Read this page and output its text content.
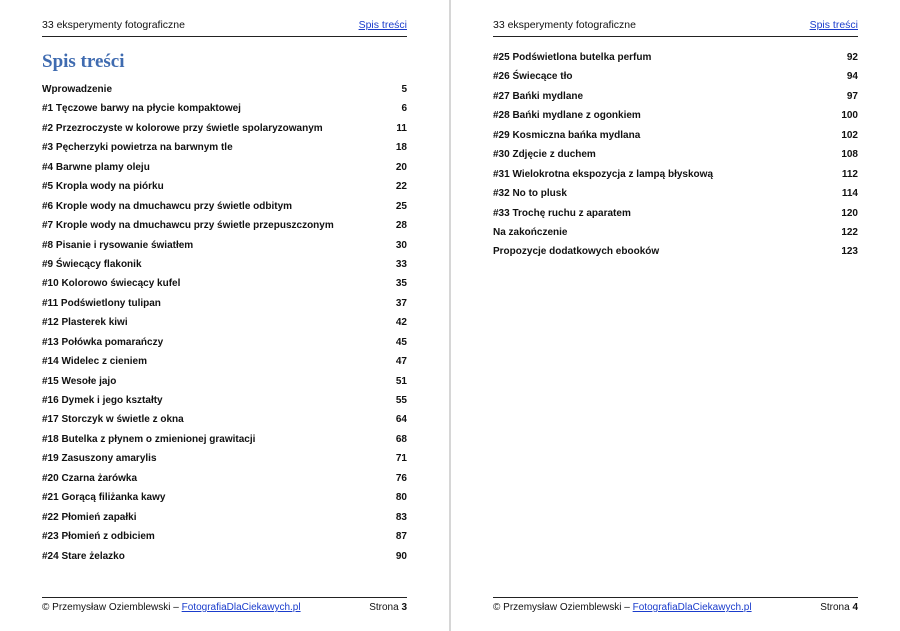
33 eksperymenty fotograficzne	Spis treści
Spis treści
Wprowadzenie	5
#1 Tęczowe barwy na płycie kompaktowej	6
#2 Przezroczyste w kolorowe przy świetle spolaryzowanym	11
#3 Pęcherzyki powietrza na barwnym tle	18
#4 Barwne plamy oleju	20
#5 Kropla wody na piórku	22
#6 Krople wody na dmuchawcu przy świetle odbitym	25
#7 Krople wody na dmuchawcu przy świetle przepuszczonym	28
#8 Pisanie i rysowanie światłem	30
#9 Świecący flakonik	33
#10 Kolorowo świecący kufel	35
#11 Podświetlony tulipan	37
#12 Plasterek kiwi	42
#13 Połówka pomarańczy	45
#14 Widelec z cieniem	47
#15 Wesołe jajo	51
#16 Dymek i jego kształty	55
#17 Storczyk w świetle z okna	64
#18 Butelka z płynem o zmienionej grawitacji	68
#19 Zasuszony amarylis	71
#20 Czarna żarówka	76
#21 Gorącą filiżanka kawy	80
#22 Płomień zapałki	83
#23 Płomień z odbiciem	87
#24 Stare żelazko	90
© Przemysław Oziemblewski – FotografiaDlaCiekawych.pl	Strona 3
33 eksperymenty fotograficzne	Spis treści
#25 Podświetlona butelka perfum	92
#26 Świecące tło	94
#27 Bańki mydlane	97
#28 Bańki mydlane z ogonkiem	100
#29 Kosmiczna bańka mydlana	102
#30 Zdjęcie z duchem	108
#31 Wielokrotna ekspozycja z lampą błyskową	112
#32 No to plusk	114
#33 Trochę ruchu z aparatem	120
Na zakończenie	122
Propozycje dodatkowych ebooków	123
© Przemysław Oziemblewski – FotografiaDlaCiekawych.pl	Strona 4
